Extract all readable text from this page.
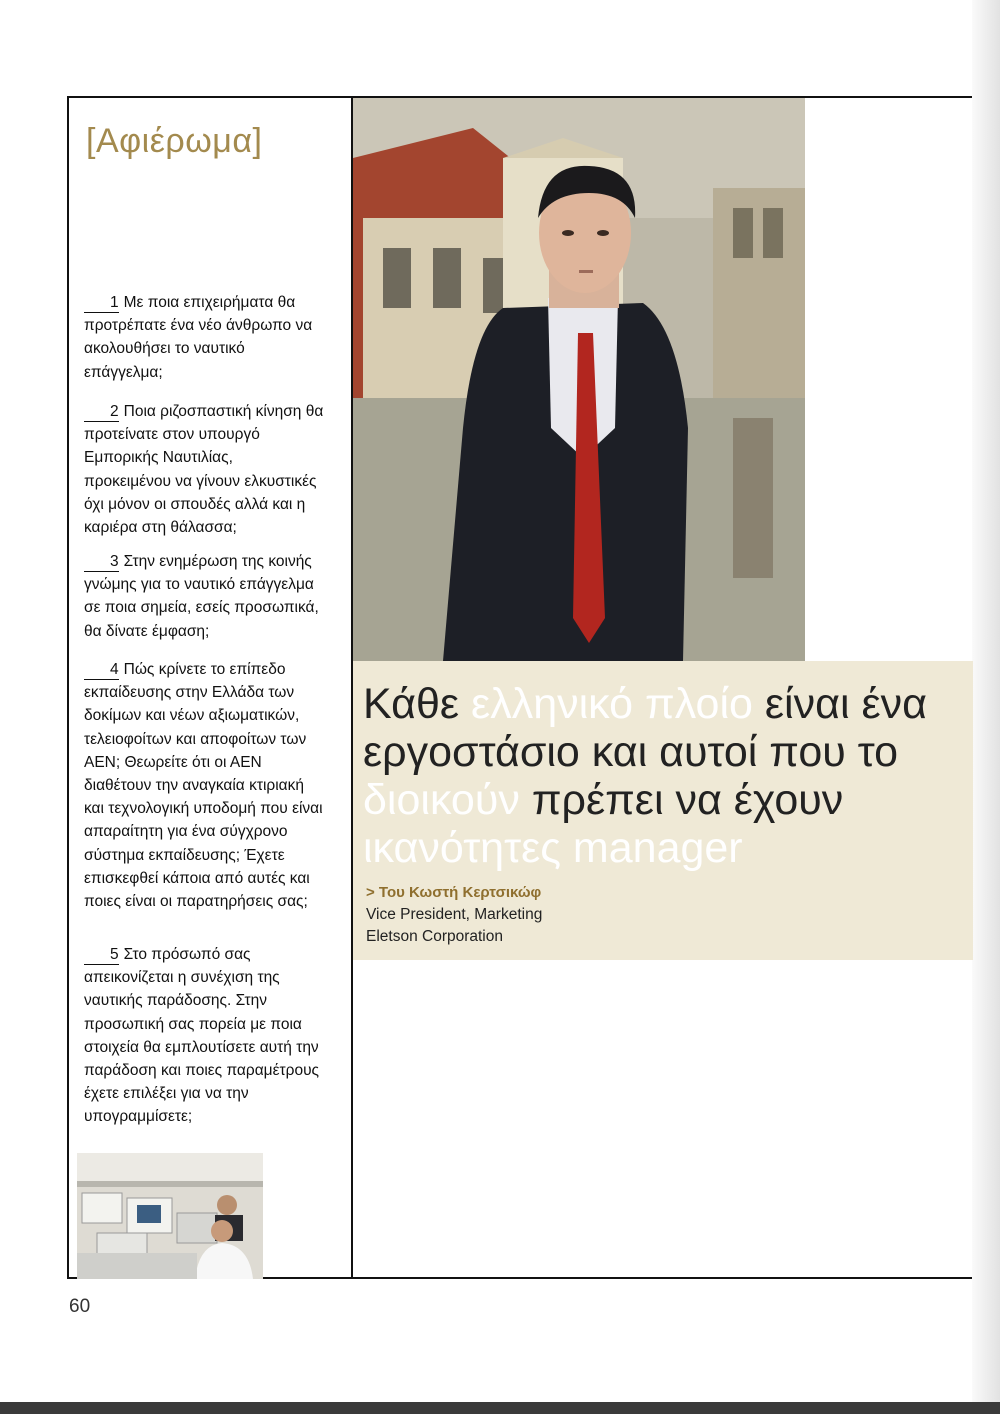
[Αφιέρωμα]
1 Με ποια επιχειρήματα θα προτρέπατε ένα νέο άνθρωπο να ακολουθήσει το ναυτικό επάγγελμα;
2 Ποια ριζοσπαστική κίνηση θα προτείνατε στον υπουργό Εμπορικής Ναυτιλίας, προκειμένου να γίνουν ελκυστικές όχι μόνον οι σπουδές αλλά και η καριέρα στη θάλασσα;
3 Στην ενημέρωση της κοινής γνώμης για το ναυτικό επάγγελμα σε ποια σημεία, εσείς προσωπικά, θα δίνατε έμφαση;
4 Πώς κρίνετε το επίπεδο εκπαίδευσης στην Ελλάδα των δοκίμων και νέων αξιωματικών, τελειοφοίτων και αποφοίτων των ΑΕΝ; Θεωρείτε ότι οι ΑΕΝ διαθέτουν την αναγκαία κτιριακή και τεχνολογική υποδομή που είναι απαραίτητη για ένα σύγχρονο σύστημα εκπαίδευσης; Έχετε επισκεφθεί κάποια από αυτές και ποιες είναι οι παρατηρήσεις σας;
5 Στο πρόσωπό σας απεικονίζεται η συνέχιση της ναυτικής παράδοσης. Στην προσωπική σας πορεία με ποια στοιχεία θα εμπλουτίσετε αυτή την παράδοση και ποιες παραμέτρους έχετε επιλέξει για να την υπογραμμίσετε;
Κάθε ελληνικό πλοίο είναι ένα εργοστάσιο και αυτοί που το διοικούν πρέπει να έχουν ικανότητες manager
> Του Κωστή Κερτσικώφ
Vice President, Marketing
Eletson Corporation
60
